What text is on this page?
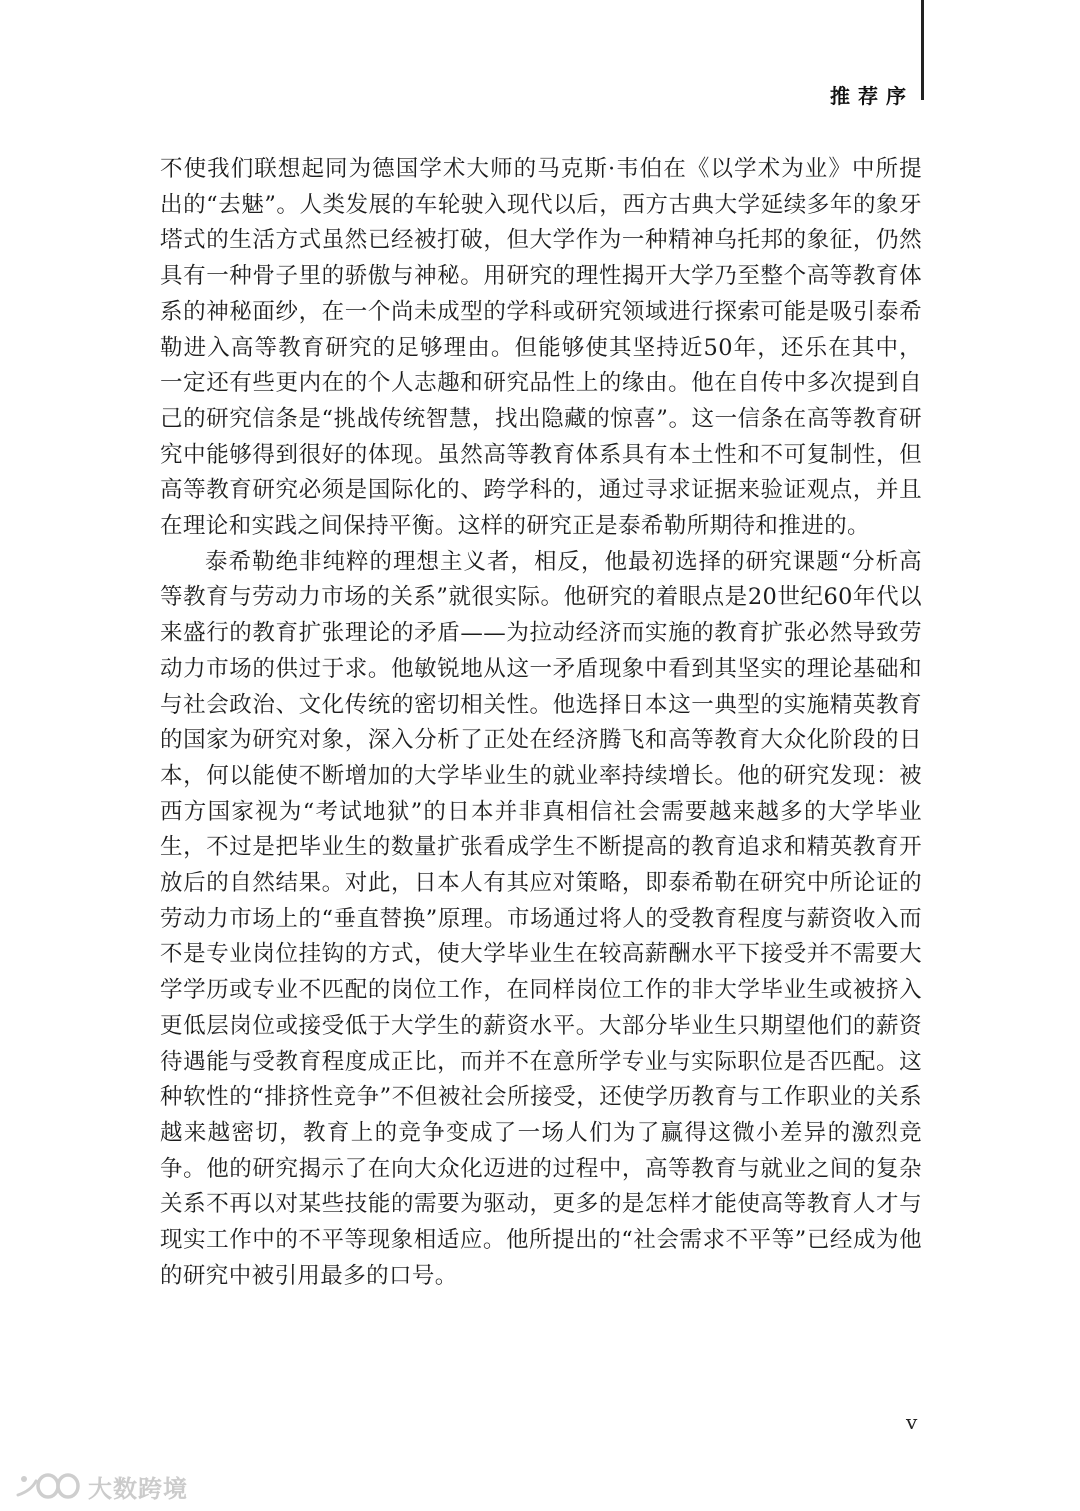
推荐序

不使我们联想起同为德国学术大师的马克斯·韦伯在《以学术为业》中所提出的“去魅”。人类发展的车轮驶入现代以后，西方古典大学延续多年的象牙塔式的生活方式虽然已经被打破，但大学作为一种精神乌托邦的象征，仍然具有一种骨子里的骄傲与神秘。用研究的理性揭开大学乃至整个高等教育体系的神秘面纱，在一个尚未成型的学科或研究领域进行探索可能是吸引泰希勒进入高等教育研究的足够理由。但能够使其坚持近50年，还乐在其中，一定还有些更内在的个人志趣和研究品性上的缘由。他在自传中多次提到自己的研究信条是“挑战传统智慧，找出隐藏的惊喜”。这一信条在高等教育研究中能够得到很好的体现。虽然高等教育体系具有本土性和不可复制性，但高等教育研究必须是国际化的、跨学科的，通过寻求证据来验证观点，并且在理论和实践之间保持平衡。这样的研究正是泰希勒所期待和推进的。

泰希勒绝非纯粹的理想主义者，相反，他最初选择的研究课题“分析高等教育与劳动力市场的关系”就很实际。他研究的着眼点是20世纪60年代以来盛行的教育扩张理论的矛盾——为拉动经济而实施的教育扩张必然导致劳动力市场的供过于求。他敏锐地从这一矛盾现象中看到其坚实的理论基础和与社会政治、文化传统的密切相关性。他选择日本这一典型的实施精英教育的国家为研究对象，深入分析了正处在经济腾飞和高等教育大众化阶段的日本，何以能使不断增加的大学毕业生的就业率持续增长。他的研究发现：被西方国家视为“考试地狱”的日本并非真相信社会需要越来越多的大学毕业生，不过是把毕业生的数量扩张看成学生不断提高的教育追求和精英教育开放后的自然结果。对此，日本人有其应对策略，即泰希勒在研究中所论证的劳动力市场上的“垂直替换”原理。市场通过将人的受教育程度与薪资收入而不是专业岗位挂钩的方式，使大学毕业生在较高薪酬水平下接受并不需要大学学历或专业不匹配的岗位工作，在同样岗位工作的非大学毕业生或被挤入更低层岗位或接受低于大学生的薪资水平。大部分毕业生只期望他们的薪资待遇能与受教育程度成正比，而并不在意所学专业与实际职位是否匹配。这种软性的“排挤性竞争”不但被社会所接受，还使学历教育与工作职业的关系越来越密切，教育上的竞争变成了一场人们为了赢得这微小差异的激烈竞争。他的研究揭示了在向大众化迈进的过程中，高等教育与就业之间的复杂关系不再以对某些技能的需要为驱动，更多的是怎样才能使高等教育人才与现实工作中的不平等现象相适应。他所提出的“社会需求不平等”已经成为他的研究中被引用最多的口号。

v
大数跨境
